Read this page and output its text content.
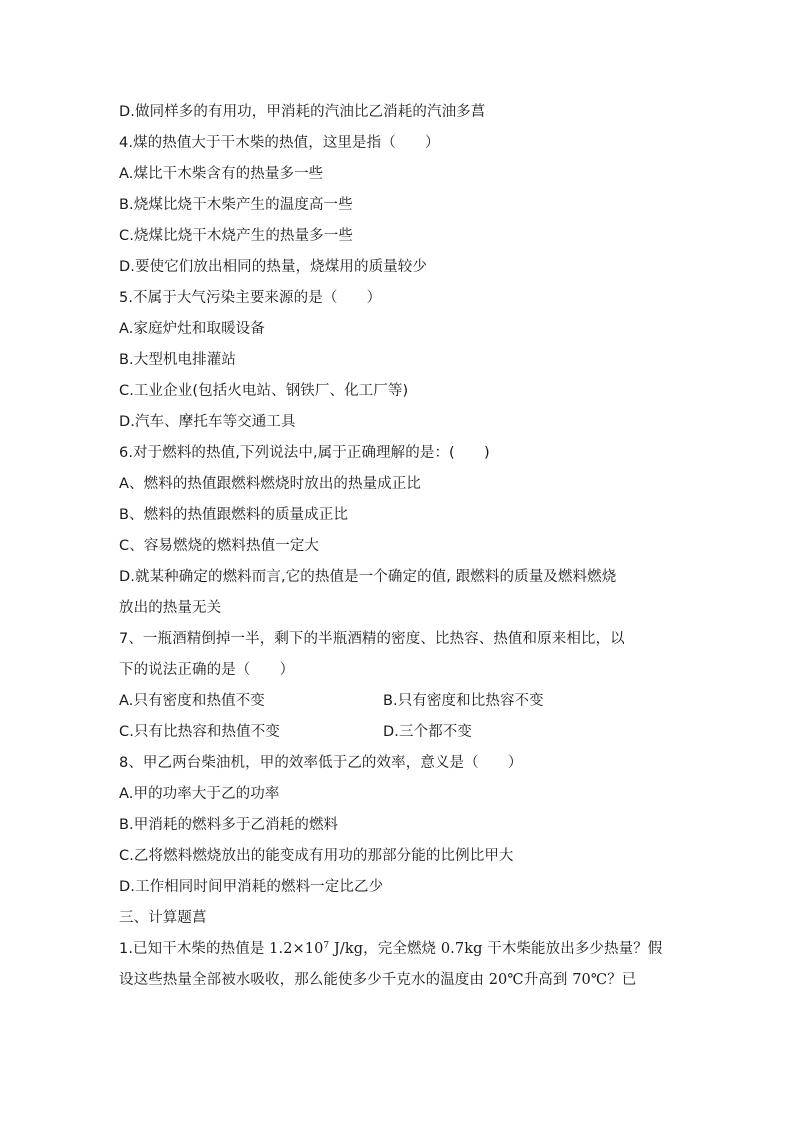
D.做同样多的有用功，甲消耗的汽油比乙消耗的汽油多菖
4.煤的热值大于干木柴的热值，这里是指（　　）
A.煤比干木柴含有的热量多一些
B.烧煤比烧干木柴产生的温度高一些
C.烧煤比烧干木烧产生的热量多一些
D.要使它们放出相同的热量，烧煤用的质量较少
5.不属于大气污染主要来源的是（　　）
A.家庭炉灶和取暖设备
B.大型机电排灌站
C.工业企业(包括火电站、钢铁厂、化工厂等)
D.汽车、摩托车等交通工具
6.对于燃料的热值,下列说法中,属于正确理解的是：(　　)
A、燃料的热值跟燃料燃烧时放出的热量成正比
B、燃料的热值跟燃料的质量成正比
C、容易燃烧的燃料热值一定大
D.就某种确定的燃料而言,它的热值是一个确定的值, 跟燃料的质量及燃料燃烧
放出的热量无关
7、一瓶酒精倒掉一半，剩下的半瓶酒精的密度、比热容、热值和原来相比，以
下的说法正确的是（　　）
A.只有密度和热值不变	B.只有密度和比热容不变
C.只有比热容和热值不变	D.三个都不变
8、甲乙两台柴油机，甲的效率低于乙的效率，意义是（　　）
A.甲的功率大于乙的功率
B.甲消耗的燃料多于乙消耗的燃料
C.乙将燃料燃烧放出的能变成有用功的那部分能的比例比甲大
D.工作相同时间甲消耗的燃料一定比乙少
三、计算题菖
1.已知干木柴的热值是 $1.2\times 10^7$ J/kg，完全燃烧 0.7kg 干木柴能放出多少热量？假
设这些热量全部被水吸收，那么能使多少千克水的温度由 20℃升高到 70℃？已
